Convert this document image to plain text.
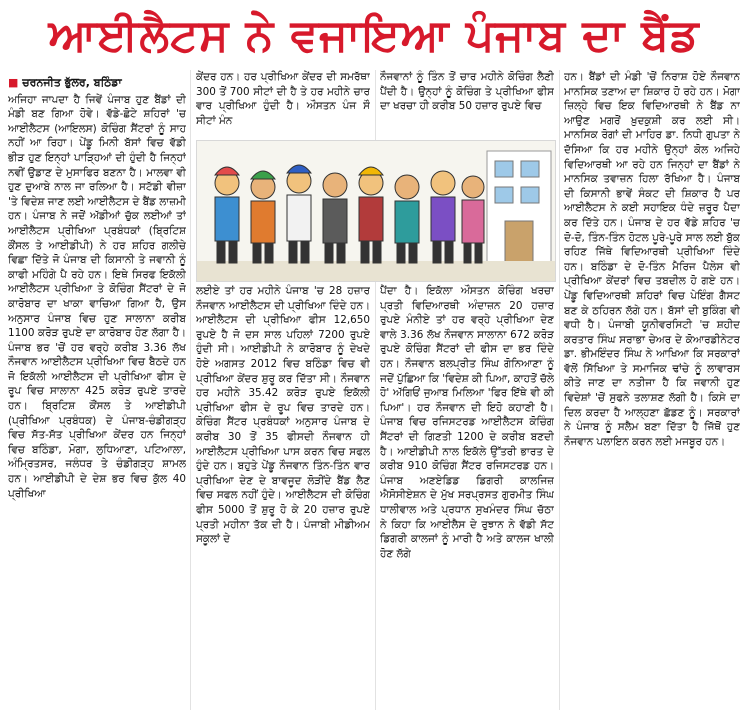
ਆਈਲੈਟਸ ਨੇ ਵਜਾਇਆ ਪੰਜਾਬ ਦਾ ਬੈਂਡ
■ ਚਰਨਜੀਤ ਭੁੱਲਰ, ਬਠਿੰਡਾ

ਅਜਿਹਾ ਜਾਪਦਾ ਹੈ ਜਿਵੇਂ ਪੰਜਾਬ ਹੁਣ ਬੈਂਡਾਂ ਦੀ ਮੰਡੀ ਬਣ ਗਿਆ ਹੋਵੇ। ਵੱਡੇ-ਛੋਟੇ ਸ਼ਹਿਰਾਂ 'ਚ ਆਈਲੈਟਸ (ਆਇਲਸ) ਕੋਚਿੰਗ ਸੈਂਟਰਾਂ ਨੂੰ ਸਾਹ ਨਹੀਂ ਆ ਰਿਹਾ। ਪੇਂਡੂ ਮਿਨੀ ਬੱਸਾਂ ਵਿਚ ਵੱਡੀ ਭੀੜ ਹੁਣ ਇਨ੍ਹਾਂ ਪਾੜ੍ਹਿਆਂ ਦੀ ਹੁੰਦੀ ਹੈ ਜਿਨ੍ਹਾਂ ਨਵੀਂ ਉਡਾਣ ਦੇ ਮੁਸਾਫਿਰ ਬਣਨਾ ਹੈ। ਮਾਲਵਾ ਵੀ ਹੁਣ ਦੁਆਬੇ ਨਾਲ ਜਾ ਰਲਿਆ ਹੈ। ਸਟੱਡੀ ਵੀਜ਼ਾ 'ਤੇ ਵਿਦੇਸ਼ ਜਾਣ ਲਈ ਆਈਲੈਟਸ ਦੇ ਬੈਂਡ ਲਾਜ਼ਮੀ ਹਨ। ਪੰਜਾਬ ਨੇ ਜਦੋਂ ਅੱਡੀਆਂ ਚੁੱਕ ਲਈਆਂ ਤਾਂ ਆਈਲੈਟਸ ਪ੍ਰੀਖਿਆ ਪ੍ਰਬੰਧਕਾਂ (ਬ੍ਰਿਟਿਸ਼ ਕੌਂਸਲ ਤੇ ਆਈਡੀਪੀ) ਨੇ ਹਰ ਸ਼ਹਿਰ ਗਲੀਚੇ ਵਿਛਾ ਦਿੱਤੇ ਜੋ ਪੰਜਾਬ ਦੀ ਕਿਸਾਨੀ ਤੇ ਜਵਾਨੀ ਨੂੰ ਕਾਫੀ ਮਹਿੰਗੇ ਪੈ ਰਹੇ ਹਨ। ਇਥੇ ਸਿਰਫ ਇਕੱਲੀ ਆਈਲੈਟਸ ਪ੍ਰੀਖਿਆ ਤੇ ਕੋਚਿੰਗ ਸੈਂਟਰਾਂ ਦੇ ਜੋ ਕਾਰੋਬਾਰ ਦਾ ਖਾਕਾ ਵਾਚਿਆ ਗਿਆ ਹੈ, ਉਸ ਅਨੁਸਾਰ ਪੰਜਾਬ ਵਿਚ ਹੁਣ ਸਾਲਾਨਾ ਕਰੀਬ 1100 ਕਰੋੜ ਰੁਪਏ ਦਾ ਕਾਰੋਬਾਰ ਹੋਣ ਲੱਗਾ ਹੈ। ਪੰਜਾਬ ਭਰ 'ਚੋਂ ਹਰ ਵਰ੍ਹੇ ਕਰੀਬ 3.36 ਲੱਖ ਨੌਜਵਾਨ ਆਈਲੈਟਸ ਪ੍ਰੀਖਿਆ ਵਿਚ ਬੈਠਦੇ ਹਨ ਜੋ ਇਕੱਲੀ ਆਈਲੈਟਸ ਦੀ ਪ੍ਰੀਖਿਆ ਫੀਸ ਦੇ ਰੂਪ ਵਿਚ ਸਾਲਾਨਾ 425 ਕਰੋੜ ਰੁਪਏ ਤਾਰਦੇ ਹਨ। ਬ੍ਰਿਟਿਸ਼ ਕੌਂਸਲ ਤੇ ਆਈਡੀਪੀ (ਪ੍ਰੀਖਿਆ ਪ੍ਰਬੰਧਕ) ਦੇ ਪੰਜਾਬ-ਚੰਡੀਗੜ੍ਹ ਵਿਚ ਸੱਤ-ਸੱਤ ਪ੍ਰੀਖਿਆ ਕੇਂਦਰ ਹਨ ਜਿਨ੍ਹਾਂ ਵਿਚ ਬਠਿੰਡਾ, ਮੋਗਾ, ਲੁਧਿਆਣਾ, ਪਟਿਆਲਾ, ਅੰਮ੍ਰਿਤਸਰ, ਜਲੰਧਰ ਤੇ ਚੰਡੀਗੜ੍ਹ ਸ਼ਾਮਲ ਹਨ। ਆਈਡੀਪੀ ਦੇ ਦੇਸ਼ ਭਰ ਵਿਚ ਕੁੱਲ 40 ਪ੍ਰੀਖਿਆ

ਕੇਂਦਰ ਹਨ। ਹਰ ਪ੍ਰੀਖਿਆ ਕੇਂਦਰ ਦੀ ਸਮਰੱਥਾ 300 ਤੋਂ 700 ਸੀਟਾਂ ਦੀ ਹੈ ਤੇ ਹਰ ਮਹੀਨੇ ਚਾਰ ਵਾਰ ਪ੍ਰੀਖਿਆ ਹੁੰਦੀ ਹੈ। ਔਸਤਨ ਪੰਜ ਸੌ ਸੀਟਾਂ ਮੰਨ

ਨੌਜਵਾਨਾਂ ਨੂੰ ਤਿੰਨ ਤੋਂ ਚਾਰ ਮਹੀਨੇ ਕੋਚਿੰਗ ਲੈਣੀ ਪੈਂਦੀ ਹੈ। ਉਨ੍ਹਾਂ ਨੂੰ ਕੋਚਿੰਗ ਤੇ ਪ੍ਰੀਖਿਆ ਫੀਸ ਦਾ ਖਰਚਾ ਹੀ ਕਰੀਬ 50 ਹਜ਼ਾਰ ਰੁਪਏ ਵਿਚ

ਲਈਏ ਤਾਂ ਹਰ ਮਹੀਨੇ ਪੰਜਾਬ 'ਚ 28 ਹਜ਼ਾਰ ਨੌਜਵਾਨ ਆਈਲੈਟਸ ਦੀ ਪ੍ਰੀਖਿਆ ਦਿੰਦੇ ਹਨ। ਆਈਲੈਟਸ ਦੀ ਪ੍ਰੀਖਿਆ ਫੀਸ 12,650 ਰੁਪਏ ਹੈ ਜੋ ਦਸ ਸਾਲ ਪਹਿਲਾਂ 7200 ਰੁਪਏ ਹੁੰਦੀ ਸੀ। ਆਈਡੀਪੀ ਨੇ ਕਾਰੋਬਾਰ ਨੂੰ ਦੇਖਦੇ ਹੋਏ ਅਗਸਤ 2012 ਵਿਚ ਬਠਿੰਡਾ ਵਿਚ ਵੀ ਪ੍ਰੀਖਿਆ ਕੇਂਦਰ ਸ਼ੁਰੂ ਕਰ ਦਿੱਤਾ ਸੀ। ਨੌਜਵਾਨ ਹਰ ਮਹੀਨੇ 35.42 ਕਰੋੜ ਰੁਪਏ ਇਕੱਲੀ ਪ੍ਰੀਖਿਆ ਫੀਸ ਦੇ ਰੂਪ ਵਿਚ ਤਾਰਦੇ ਹਨ। ਕੋਚਿੰਗ ਸੈਂਟਰ ਪ੍ਰਬੰਧਕਾਂ ਅਨੁਸਾਰ ਪੰਜਾਬ ਦੇ ਕਰੀਬ 30 ਤੋਂ 35 ਫੀਸਦੀ ਨੌਜਵਾਨ ਹੀ ਆਈਲੈਟਸ ਪ੍ਰੀਖਿਆ ਪਾਸ ਕਰਨ ਵਿਚ ਸਫਲ ਹੁੰਦੇ ਹਨ। ਬਹੁਤੇ ਪੇਂਡੂ ਨੌਜਵਾਨ ਤਿੰਨ-ਤਿੰਨ ਵਾਰ ਪ੍ਰੀਖਿਆ ਦੇਣ ਦੇ ਬਾਵਜੂਦ ਲੋੜੀਂਦੇ ਬੈਂਡ ਲੈਣ ਵਿਚ ਸਫਲ ਨਹੀਂ ਹੁੰਦੇ। ਆਈਲੈਟਸ ਦੀ ਕੋਚਿੰਗ ਫੀਸ 5000 ਤੋਂ ਸ਼ੁਰੂ ਹੋ ਕੇ 20 ਹਜ਼ਾਰ ਰੁਪਏ ਪ੍ਰਤੀ ਮਹੀਨਾ ਤੱਕ ਦੀ ਹੈ। ਪੰਜਾਬੀ ਮੀਡੀਅਮ ਸਕੂਲਾਂ ਦੇ

ਪੈਂਦਾ ਹੈ। ਇਕੱਲਾ ਔਸਤਨ ਕੋਚਿੰਗ ਖਰਚਾ ਪ੍ਰਤੀ ਵਿਦਿਆਰਥੀ ਅੰਦਾਜ਼ਨ 20 ਹਜ਼ਾਰ ਰੁਪਏ ਮੰਨੀਏ ਤਾਂ ਹਰ ਵਰ੍ਹੇ ਪ੍ਰੀਖਿਆ ਦੇਣ ਵਾਲੇ 3.36 ਲੱਖ ਨੌਜਵਾਨ ਸਾਲਾਨਾ 672 ਕਰੋੜ ਰੁਪਏ ਕੋਚਿੰਗ ਸੈਂਟਰਾਂ ਦੀ ਫੀਸ ਦਾ ਭਰ ਦਿੰਦੇ ਹਨ। ਨੌਜਵਾਨ ਬਲਪ੍ਰੀਤ ਸਿੰਘ ਗੋਨਿਆਣਾ ਨੂੰ ਜਦੋਂ ਪੁੱਛਿਆ ਕਿ 'ਵਿਦੇਸ਼ ਕੀ ਪਿਆ, ਕਾਹਤੋਂ ਚੱਲੇ ਹੋ' ਅੱਗਿਓਂ ਜੁਆਬ ਮਿਲਿਆ 'ਫਿਰ ਇੱਥੇ ਵੀ ਕੀ ਪਿਆ'। ਹਰ ਨੌਜਵਾਨ ਦੀ ਇਹੋ ਕਹਾਣੀ ਹੈ। ਪੰਜਾਬ ਵਿਚ ਰਜਿਸਟਰਡ ਆਈਲੈਟਸ ਕੋਚਿੰਗ ਸੈਂਟਰਾਂ ਦੀ ਗਿਣਤੀ 1200 ਦੇ ਕਰੀਬ ਬਣਦੀ ਹੈ। ਆਈਡੀਪੀ ਨਾਲ ਇਕੱਲੇ ਉੱਤਰੀ ਭਾਰਤ ਦੇ ਕਰੀਬ 910 ਕੋਚਿੰਗ ਸੈਂਟਰ ਰਜਿਸਟਰਡ ਹਨ। ਪੰਜਾਬ ਅਣਏਡਿਡ ਡਿਗਰੀ ਕਾਲਜਿਜ਼ ਐਸੋਸੀਏਸ਼ਨ ਦੇ ਮੁੱਖ ਸਰਪ੍ਰਸਤ ਗੁਰਮੀਤ ਸਿੰਘ ਧਾਲੀਵਾਲ ਅਤੇ ਪ੍ਰਧਾਨ ਸੁਖਮੰਦਰ ਸਿੰਘ ਚੱਠਾ ਨੇ ਕਿਹਾ ਕਿ ਆਈਲੈਸ ਦੇ ਰੁਝਾਨ ਨੇ ਵੱਡੀ ਸੱਟ ਡਿਗਰੀ ਕਾਲਜਾਂ ਨੂੰ ਮਾਰੀ ਹੈ ਅਤੇ ਕਾਲਜ ਖਾਲੀ ਹੋਣ ਲੱਗੇ

ਹਨ। ਬੈਂਡਾਂ ਦੀ ਮੰਡੀ 'ਚੋਂ ਨਿਰਾਸ਼ ਹੋਏ ਨੌਜਵਾਨ ਮਾਨਸਿਕ ਤਣਾਅ ਦਾ ਸ਼ਿਕਾਰ ਹੋ ਰਹੇ ਹਨ। ਮੋਗਾ ਜ਼ਿਲ੍ਹੇ ਵਿਚ ਇਕ ਵਿਦਿਆਰਥੀ ਨੇ ਬੈਂਡ ਨਾ ਆਉਣ ਮਗਰੋਂ ਖ਼ੁਦਕੁਸ਼ੀ ਕਰ ਲਈ ਸੀ। ਮਾਨਸਿਕ ਰੋਗਾਂ ਦੀ ਮਾਹਿਰ ਡਾ. ਨਿਧੀ ਗੁਪਤਾ ਨੇ ਦੱਸਿਆ ਕਿ ਹਰ ਮਹੀਨੇ ਉਨ੍ਹਾਂ ਕੋਲ ਅਜਿਹੇ ਵਿਦਿਆਰਥੀ ਆ ਰਹੇ ਹਨ ਜਿਨ੍ਹਾਂ ਦਾ ਬੈਂਡਾਂ ਨੇ ਮਾਨਸਿਕ ਤਵਾਜ਼ਨ ਹਿਲਾ ਰੱਖਿਆ ਹੈ। ਪੰਜਾਬ ਦੀ ਕਿਸਾਨੀ ਭਾਵੇਂ ਸੰਕਟ ਦੀ ਸ਼ਿਕਾਰ ਹੈ ਪਰ ਆਈਲੈਟਸ ਨੇ ਕਈ ਸਹਾਇਕ ਧੰਦੇ ਜ਼ਰੂਰ ਪੈਦਾ ਕਰ ਦਿੱਤੇ ਹਨ। ਪੰਜਾਬ ਦੇ ਹਰ ਵੱਡੇ ਸ਼ਹਿਰ 'ਚ ਦੋ-ਦੋ, ਤਿੰਨ-ਤਿੰਨ ਹੋਟਲ ਪੂਰੇ-ਪੂਰੇ ਸਾਲ ਲਈ ਬੁੱਕ ਰਹਿਣ ਜਿੱਥੇ ਵਿਦਿਆਰਥੀ ਪ੍ਰੀਖਿਆ ਦਿੰਦੇ ਹਨ। ਬਠਿੰਡਾ ਦੇ ਦੋ-ਤਿੰਨ ਮੈਰਿਜ ਪੈਲੇਸ ਵੀ ਪ੍ਰੀਖਿਆ ਕੇਂਦਰਾਂ ਵਿਚ ਤਬਦੀਲ ਹੋ ਗਏ ਹਨ। ਪੇਂਡੂ ਵਿਦਿਆਰਥੀ ਸ਼ਹਿਰਾਂ ਵਿਚ ਪੇਇੰਗ ਗੈਸਟ ਬਣ ਕੇ ਠਹਿਰਨ ਲੱਗੇ ਹਨ। ਬੱਸਾਂ ਦੀ ਬੁਕਿੰਗ ਵੀ ਵਧੀ ਹੈ। ਪੰਜਾਬੀ ਯੂਨੀਵਰਸਿਟੀ 'ਚ ਸ਼ਹੀਦ ਕਰਤਾਰ ਸਿੰਘ ਸਰਾਭਾ ਚੇਅਰ ਦੇ ਕੋਆਰਡੀਨੇਟਰ ਡਾ. ਭੀਮਇੰਦਰ ਸਿੰਘ ਨੇ ਆਖਿਆ ਕਿ ਸਰਕਾਰਾਂ ਵੱਲੋਂ ਸਿੱਖਿਆ ਤੇ ਸਮਾਜਿਕ ਢਾਂਚੇ ਨੂੰ ਲਾਵਾਰਸ ਕੀਤੇ ਜਾਣ ਦਾ ਨਤੀਜਾ ਹੈ ਕਿ ਜਵਾਨੀ ਹੁਣ ਵਿਦੇਸ਼ਾਂ 'ਚੋਂ ਸੁਫਨੇ ਤਲਾਸ਼ਣ ਲੱਗੀ ਹੈ। ਕਿਸੇ ਦਾ ਦਿਲ ਕਰਦਾ ਹੈ ਆਲ੍ਹਣਾ ਛੱਡਣ ਨੂੰ। ਸਰਕਾਰਾਂ ਨੇ ਪੰਜਾਬ ਨੂੰ ਸਲੈਮ ਬਣਾ ਦਿੱਤਾ ਹੈ ਜਿੱਥੋਂ ਹੁਣ ਨੌਜਵਾਨ ਪਲਾਇਨ ਕਰਨ ਲਈ ਮਜਬੂਰ ਹਨ।
